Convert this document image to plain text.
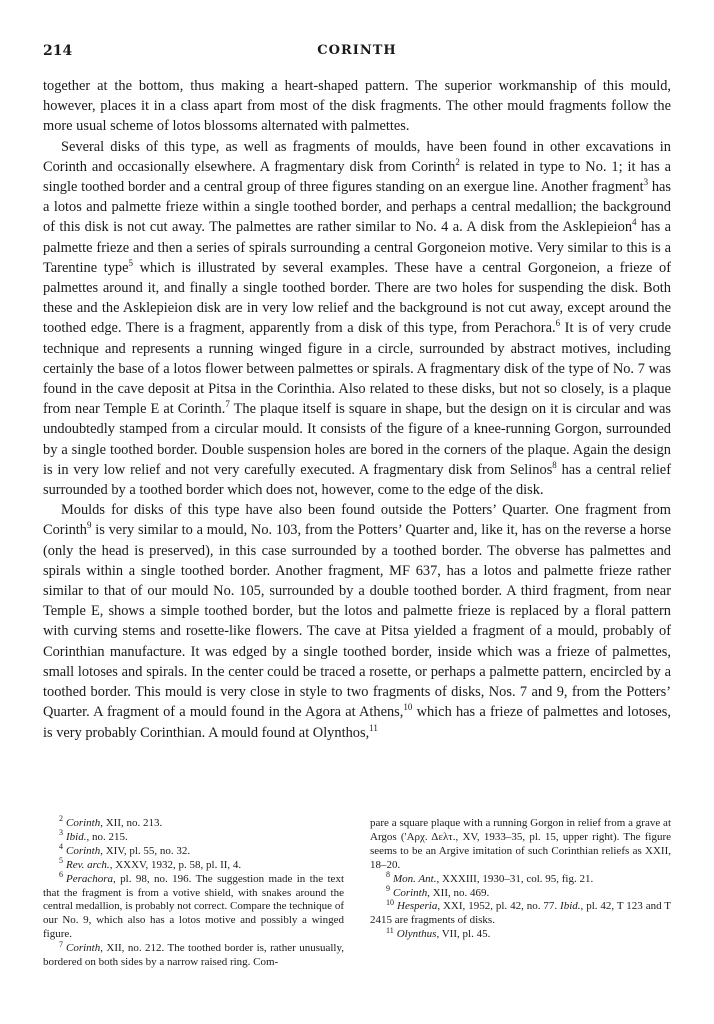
214	CORINTH

together at the bottom, thus making a heart-shaped pattern. The superior workmanship of this mould, however, places it in a class apart from most of the disk fragments. The other mould fragments follow the more usual scheme of lotos blossoms alternated with palmettes.

Several disks of this type, as well as fragments of moulds, have been found in other excavations in Corinth and occasionally elsewhere. A fragmentary disk from Corinth$^2$ is related in type to No. 1; it has a single toothed border and a central group of three figures standing on an exergue line. Another fragment$^3$ has a lotos and palmette frieze within a single toothed border, and perhaps a central medallion; the background of this disk is not cut away. The palmettes are rather similar to No. 4 a. A disk from the Asklepieion$^4$ has a palmette frieze and then a series of spirals surrounding a central Gorgoneion motive. Very similar to this is a Tarentine type$^5$ which is illustrated by several examples. These have a central Gorgoneion, a frieze of palmettes around it, and finally a single toothed border. There are two holes for suspending the disk. Both these and the Asklepieion disk are in very low relief and the background is not cut away, except around the toothed edge. There is a fragment, apparently from a disk of this type, from Perachora.$^6$ It is of very crude technique and represents a running winged figure in a circle, surrounded by abstract motives, including certainly the base of a lotos flower between palmettes or spirals. A fragmentary disk of the type of No. 7 was found in the cave deposit at Pitsa in the Corinthia. Also related to these disks, but not so closely, is a plaque from near Temple E at Corinth.$^7$ The plaque itself is square in shape, but the design on it is circular and was undoubtedly stamped from a circular mould. It consists of the figure of a knee-running Gorgon, surrounded by a single toothed border. Double suspension holes are bored in the corners of the plaque. Again the design is in very low relief and not very carefully executed. A fragmentary disk from Selinos$^8$ has a central relief surrounded by a toothed border which does not, however, come to the edge of the disk.

Moulds for disks of this type have also been found outside the Potters’ Quarter. One fragment from Corinth$^9$ is very similar to a mould, No. 103, from the Potters’ Quarter and, like it, has on the reverse a horse (only the head is preserved), in this case surrounded by a toothed border. The obverse has palmettes and spirals within a single toothed border. Another fragment, MF 637, has a lotos and palmette frieze rather similar to that of our mould No. 105, surrounded by a double toothed border. A third fragment, from near Temple E, shows a simple toothed border, but the lotos and palmette frieze is replaced by a floral pattern with curving stems and rosette-like flowers. The cave at Pitsa yielded a fragment of a mould, probably of Corinthian manufacture. It was edged by a single toothed border, inside which was a frieze of palmettes, small lotoses and spirals. In the center could be traced a rosette, or perhaps a palmette pattern, encircled by a toothed border. This mould is very close in style to two fragments of disks, Nos. 7 and 9, from the Potters’ Quarter. A fragment of a mould found in the Agora at Athens,$^{10}$ which has a frieze of palmettes and lotoses, is very probably Corinthian. A mould found at Olynthos,$^{11}$

$^2$ Corinth, XII, no. 213.

$^3$ Ibid., no. 215.

$^4$ Corinth, XIV, pl. 55, no. 32.

$^5$ Rev. arch., XXXV, 1932, p. 58, pl. II, 4.

$^6$ Perachora, pl. 98, no. 196. The suggestion made in the text that the fragment is from a votive shield, with snakes around the central medallion, is probably not correct. Compare the technique of our No. 9, which also has a lotos motive and possibly a winged figure.

$^7$ Corinth, XII, no. 212. The toothed border is, rather unusually, bordered on both sides by a narrow raised ring. Com-

pare a square plaque with a running Gorgon in relief from a grave at Argos ('Αρχ. Δελτ., XV, 1933–35, pl. 15, upper right). The figure seems to be an Argive imitation of such Corinthian reliefs as XXII, 18–20.

$^8$ Mon. Ant., XXXIII, 1930–31, col. 95, fig. 21.

$^9$ Corinth, XII, no. 469.

$^{10}$ Hesperia, XXI, 1952, pl. 42, no. 77. Ibid., pl. 42, T 123 and T 2415 are fragments of disks.

$^{11}$ Olynthus, VII, pl. 45.
